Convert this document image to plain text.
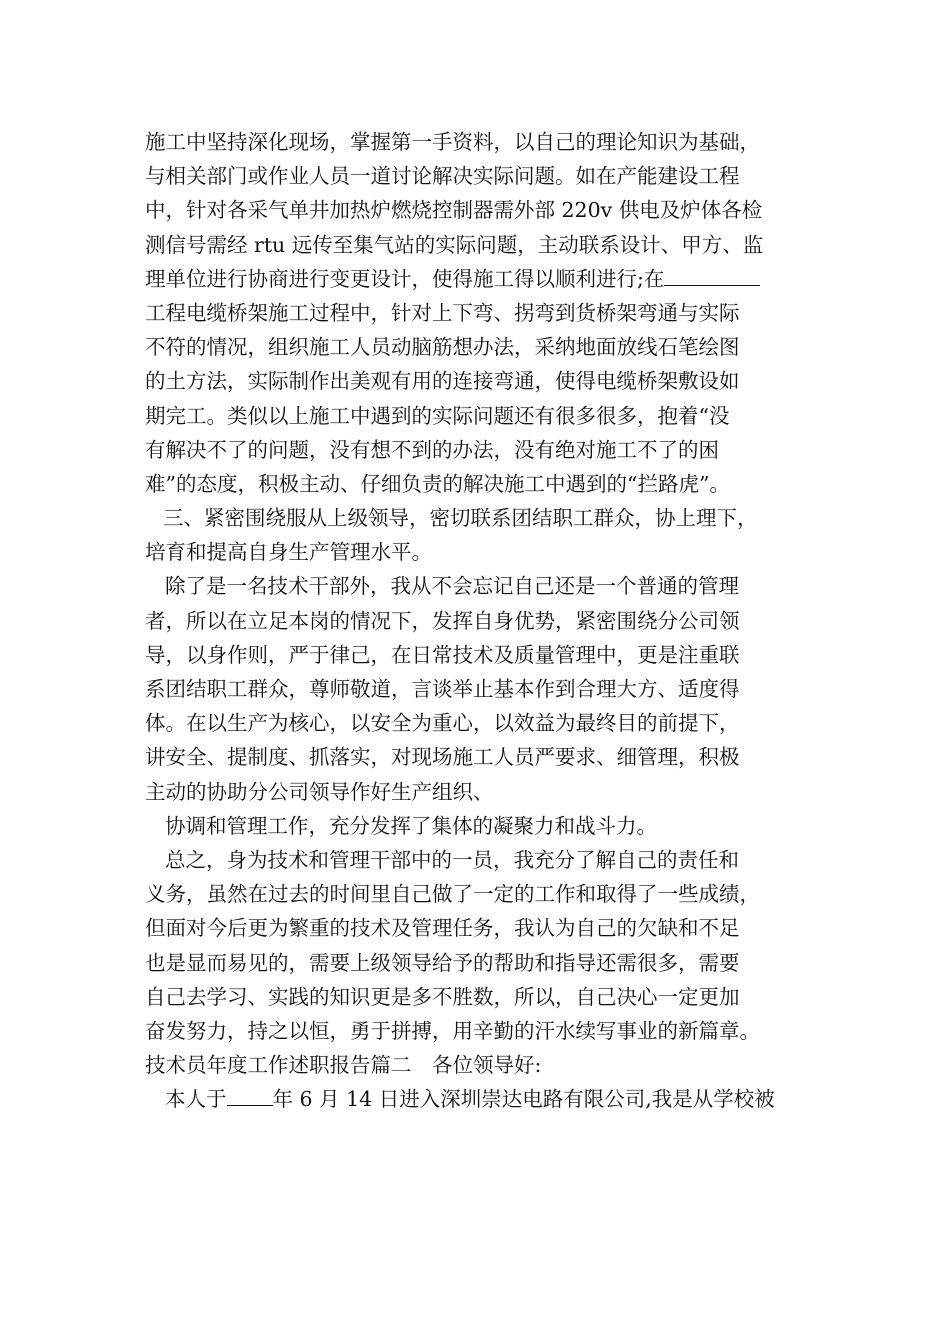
施工中坚持深化现场，掌握第一手资料，以自己的理论知识为基础，
与相关部门或作业人员一道讨论解决实际问题。如在产能建设工程
中，针对各采气单井加热炉燃烧控制器需外部 220v 供电及炉体各检
测信号需经 rtu 远传至集气站的实际问题，主动联系设计、甲方、监
理单位进行协商进行变更设计，使得施工得以顺利进行;在
工程电缆桥架施工过程中，针对上下弯、拐弯到货桥架弯通与实际
不符的情况，组织施工人员动脑筋想办法，采纳地面放线石笔绘图
的土方法，实际制作出美观有用的连接弯通，使得电缆桥架敷设如
期完工。类似以上施工中遇到的实际问题还有很多很多，抱着“没
有解决不了的问题，没有想不到的办法，没有绝对施工不了的困
难”的态度，积极主动、仔细负责的解决施工中遇到的“拦路虎”。
三、紧密围绕服从上级领导，密切联系团结职工群众，协上理下，
培育和提高自身生产管理水平。
除了是一名技术干部外，我从不会忘记自己还是一个普通的管理
者，所以在立足本岗的情况下，发挥自身优势，紧密围绕分公司领
导，以身作则，严于律己，在日常技术及质量管理中，更是注重联
系团结职工群众，尊师敬道，言谈举止基本作到合理大方、适度得
体。在以生产为核心，以安全为重心，以效益为最终目的前提下，
讲安全、提制度、抓落实，对现场施工人员严要求、细管理，积极
主动的协助分公司领导作好生产组织、
协调和管理工作，充分发挥了集体的凝聚力和战斗力。
总之，身为技术和管理干部中的一员，我充分了解自己的责任和
义务，虽然在过去的时间里自己做了一定的工作和取得了一些成绩，
但面对今后更为繁重的技术及管理任务，我认为自己的欠缺和不足
也是显而易见的，需要上级领导给予的帮助和指导还需很多，需要
自己去学习、实践的知识更是多不胜数，所以，自己决心一定更加
奋发努力，持之以恒，勇于拼搏，用辛勤的汗水续写事业的新篇章。
技术员年度工作述职报告篇二　各位领导好:
本人于 年 6 月 14 日进入深圳崇达电路有限公司,我是从学校被
